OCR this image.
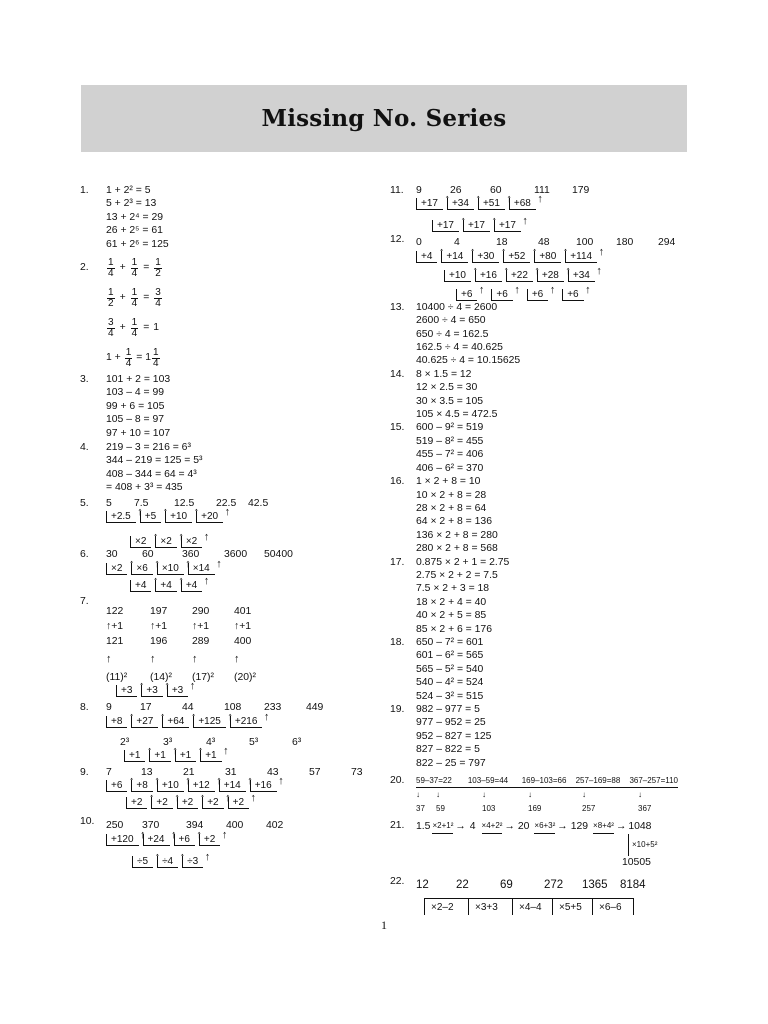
Missing No. Series
1.	1 + 2² = 5
5 + 2³ = 13
13 + 2⁴ = 29
26 + 2⁵ = 61
61 + 2⁶ = 125
2.	1
$4 + \frac{1}{4} = \frac{1}{2}$
1
$2 + \frac{1}{4} = \frac{3}{4}$
3
$4 + \frac{1}{4} = 1$
$1 + \frac{1}{4} = 1$
1
4
3.	101 + 2 = 103
103 – 4 = 99
99 + 6 = 105
105 – 8 = 97
97 + 10 = 107
4.	219 – 3 = 216 = 6³
344 – 219 = 125 = 5³
408 – 344 = 64 = 4³
= 408 + 3³ = 435
5.	5	7.5	12.5	22.5	42.5
+2.5 ↑	+5 ↑	+10 ↑	+20 ↑
×2 ↑	×2 ↑	×2 ↑
6.	30	60	360	3600	50400
×2 ↑	×6 ↑	×10 ↑	×14 ↑
+4 ↑	+4 ↑	+4 ↑
7.
122	197	290	401
↑+1	↑+1	↑+1	↑+1
121	196	289	400
↑	↑	↑	↑
(11)²	(14)²	(17)²	(20)²
+3 ↑	+3 ↑	+3 ↑
8.	9	17	44	108	233	449
+8 ↑	+27 ↑	+64 ↑	+125 ↑	+216 ↑
2³	3³	4³	5³	6³
+1 ↑	+1 ↑	+1 ↑	+1 ↑
9.	7	13	21	31	43	57	73
+6 ↑	+8 ↑	+10 ↑	+12 ↑	+14 ↑	+16 ↑
+2 ↑	+2 ↑	+2 ↑	+2 ↑	+2 ↑
10.	250	370	394	400	402
+120 ↑	+24 ↑	+6 ↑	+2 ↑
÷5 ↑	÷4 ↑	÷3 ↑
11.	9	26	60	111	179
+17 ↑	+34 ↑	+51 ↑	+68 ↑
+17 ↑	+17 ↑	+17 ↑
12.	0	4	18	48	100	180	294
+4 ↑	+14 ↑	+30 ↑	+52 ↑	+80 ↑	+114 ↑
+10 ↑	+16 ↑	+22 ↑	+28 ↑	+34 ↑
+6 ↑	+6 ↑	+6 ↑	+6 ↑
13.	10400 ÷ 4 = 2600
2600 ÷ 4 = 650
650 ÷ 4 = 162.5
162.5 ÷ 4 = 40.625
40.625 ÷ 4 = 10.15625
14.	8 × 1.5 = 12
12 × 2.5 = 30
30 × 3.5 = 105
105 × 4.5 = 472.5
15.	600 – 9² = 519
519 – 8² = 455
455 – 7² = 406
406 – 6² = 370
16.	1 × 2 + 8 = 10
10 × 2 + 8 = 28
28 × 2 + 8 = 64
64 × 2 + 8 = 136
136 × 2 + 8 = 280
280 × 2 + 8 = 568
17.	0.875 × 2 + 1 = 2.75
2.75 × 2 + 2 = 7.5
7.5 × 2 + 3 = 18
18 × 2 + 4 = 40
40 × 2 + 5 = 85
85 × 2 + 6 = 176
18.	650 – 7² = 601
601 – 6² = 565
565 – 5² = 540
540 – 4² = 524
524 – 3² = 515
19.	982 – 977 = 5
977 – 952 = 25
952 – 827 = 125
827 – 822 = 5
822 – 25 = 797
20.	59–37=22	103–59=44	169–103=66	257–169=88	367–257=110
↓	↓	↓	↓	↓	↓
37	59	103	169	257	367
21.	1.5 ×2+1² → 4 ×4+2² → 20 ×6+3² → 129 ×8+4² → 1048
×10+5²
10505
22.	12	22	69	272	1365	8184
×2–2	×3+3	×4–4	×5+5	×6–6
1
